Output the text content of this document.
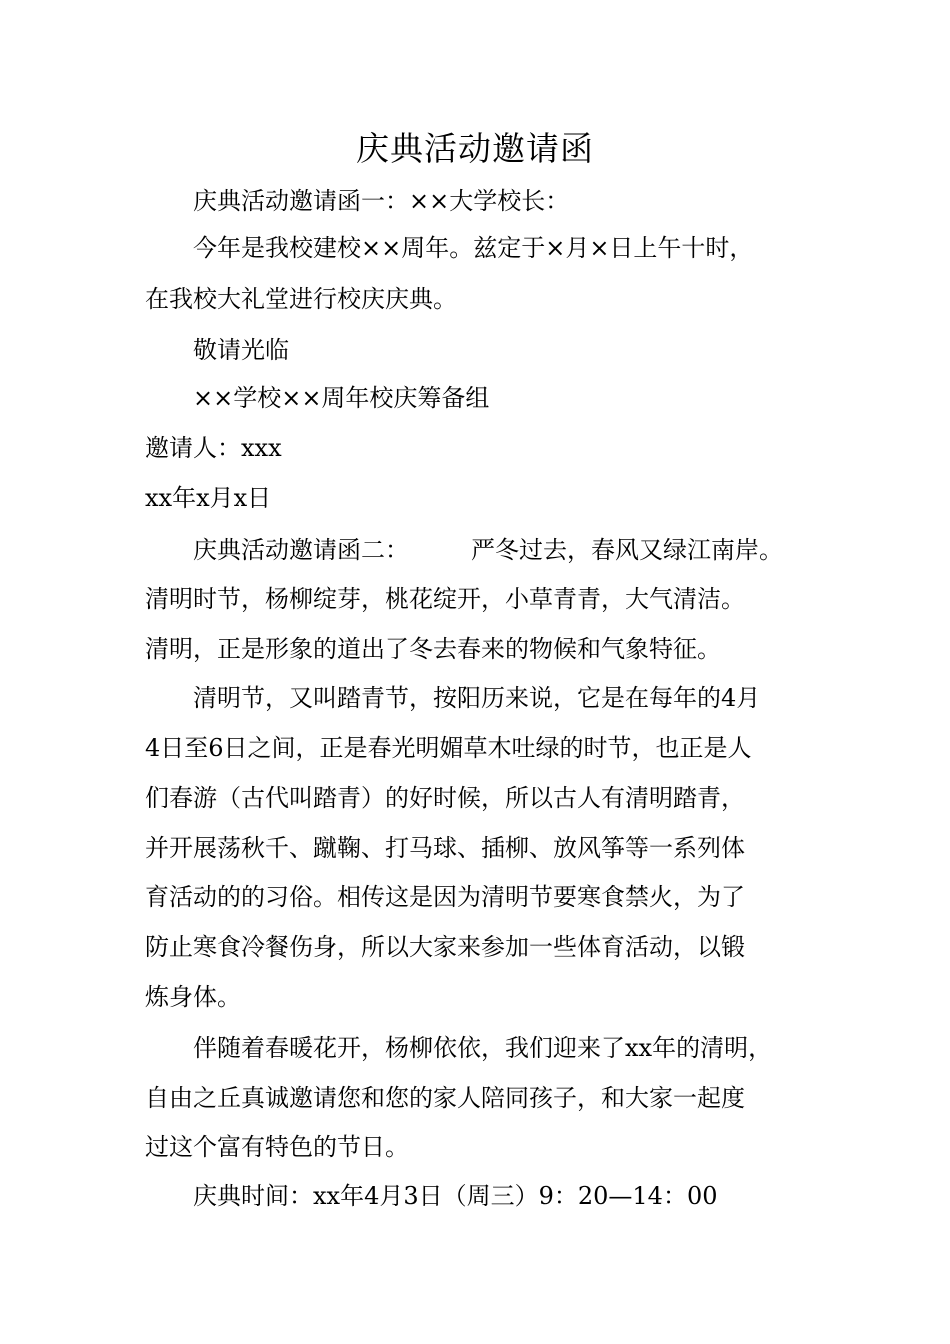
庆典活动邀请函
庆典活动邀请函一：××大学校长：
今年是我校建校××周年。兹定于×月×日上午十时，
在我校大礼堂进行校庆庆典。
敬请光临
××学校××周年校庆筹备组
邀请人：xxx
xx年x月x日
庆典活动邀请函二：	严冬过去，春风又绿江南岸。
清明时节，杨柳绽芽，桃花绽开，小草青青，大气清洁。
清明，正是形象的道出了冬去春来的物候和气象特征。
清明节，又叫踏青节，按阳历来说，它是在每年的4月
4日至6日之间，正是春光明媚草木吐绿的时节，也正是人
们春游（古代叫踏青）的好时候，所以古人有清明踏青，
并开展荡秋千、蹴鞠、打马球、插柳、放风筝等一系列体
育活动的的习俗。相传这是因为清明节要寒食禁火，为了
防止寒食冷餐伤身，所以大家来参加一些体育活动，以锻
炼身体。
伴随着春暖花开，杨柳依依，我们迎来了xx年的清明，
自由之丘真诚邀请您和您的家人陪同孩子，和大家一起度
过这个富有特色的节日。
庆典时间：xx年4月3日（周三）9：20—14：00
